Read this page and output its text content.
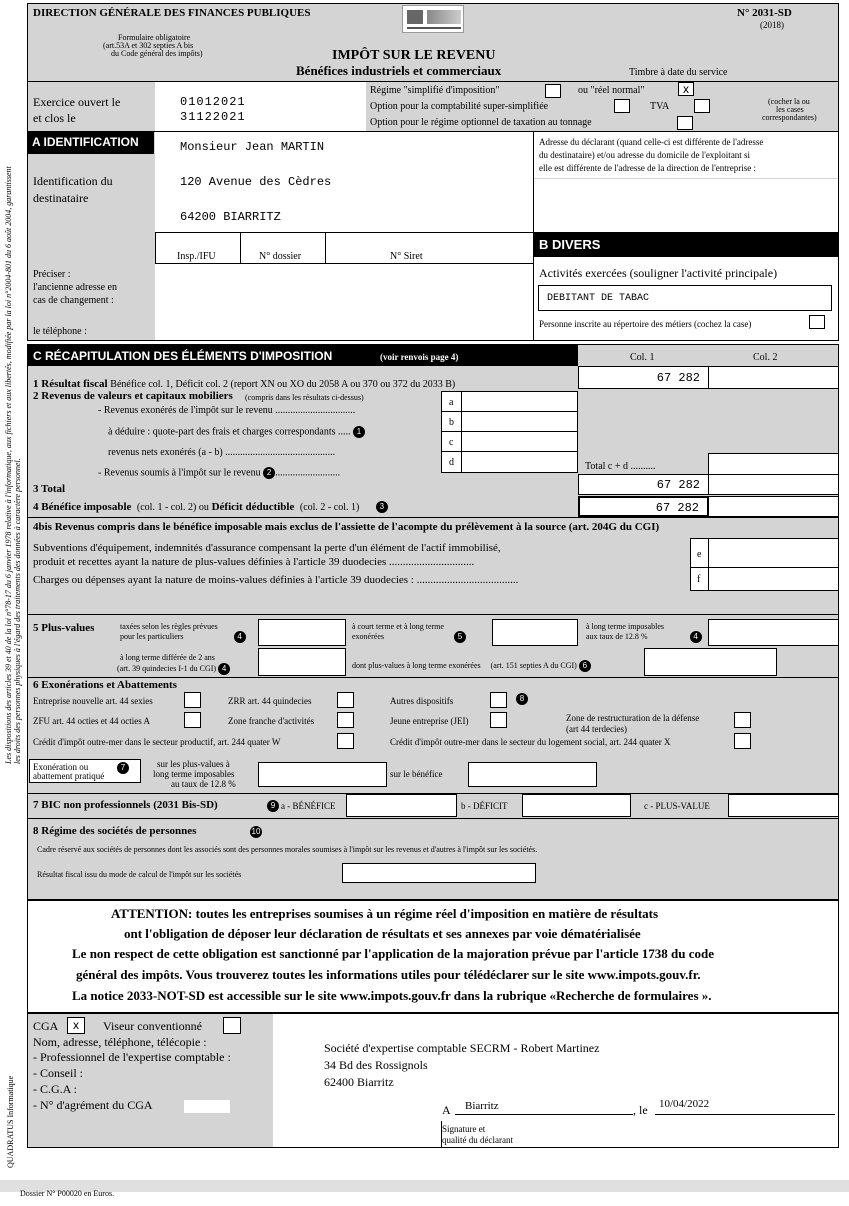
DIRECTION GÉNÉRALE DES FINANCES PUBLIQUES	N° 2031-SD
(2018)
Formulaire obligatoire
(art.53A et 302 septies A bis
du Code général des impôts)	IMPÔT SUR LE REVENU
Bénéfices industriels et commerciaux	Timbre à date du service
Exercice ouvert le
et clos le
01012021
31122021
Régime "simplifié d'imposition"	ou "réel normal"	x
Option pour la comptabilité super-simplifiée	TVA
Option pour le régime optionnel de taxation au tonnage
(cocher la ou
les cases
correspondantes)
A IDENTIFICATION	Monsieur Jean MARTIN
120 Avenue des Cèdres
64200 BIARRITZ
Identification du
destinataire
Insp./IFU	N° dossier	N° Siret
Préciser :
l'ancienne adresse en
cas de changement :
le téléphone :
Adresse du déclarant (quand celle-ci est différente de l'adresse
du destinataire) et/ou adresse du domicile de l'exploitant si
elle est différente de l'adresse de la direction de l'entreprise :
B DIVERS
Activités exercées (souligner l'activité principale)
DEBITANT DE TABAC
Personne inscrite au répertoire des métiers (cochez la case)
C RÉCAPITULATION DES ÉLÉMENTS D'IMPOSITION	(voir renvois page 4)	Col. 1	Col. 2
1 Résultat fiscal Bénéfice col. 1, Déficit col. 2 (report XN ou XO du 2058 A ou 370 ou 372 du 2033 B)	67 282
2 Revenus de valeurs et capitaux mobiliers (compris dans les résultats ci-dessus)
- Revenus exonérés de l'impôt sur le revenu ................................
à déduire : quote-part des frais et charges correspondants ..... 1
revenus nets exonérés (a - b) ............................................
- Revenus soumis à l'impôt sur le revenu 2 ..........................
a
b
c
d	Total c + d ..........
3 Total	67 282
4 Bénéfice imposable (col. 1 - col. 2) ou Déficit déductible (col. 2 - col. 1)	3	67 282
4bis Revenus compris dans le bénéfice imposable mais exclus de l'assiette de l'acompte du prélèvement à la source (art. 204G du CGI)
Subventions d'équipement, indemnités d'assurance compensant la perte d'un élément de l'actif immobilisé,
produit et recettes ayant la nature de plus-values définies à l'article 39 duodecies ...............................
Charges ou dépenses ayant la nature de moins-values définies à l'article 39 duodecies : .....................................
e
f
5 Plus-values	taxées selon les règles prévues
pour les particuliers	4
à court terme et à long terme
exonérées	5
à long terme imposables
aux taux de 12.8 %	4
à long terme différée de 2 ans
(art. 39 quindecies I-1 du CGI) 4	dont plus-values à long terme exonérées (art. 151 septies A du CGI) 6
6 Exonérations et Abattements
Entreprise nouvelle art. 44 sexies	ZRR art. 44 quindecies	Autres dispositifs	8
ZFU art. 44 octies et 44 octies A	Zone franche d'activités	Jeune entreprise (JEI)	Zone de restructuration de la défense
(art 44 terdecies)
Crédit d'impôt outre-mer dans le secteur productif, art. 244 quater W	Crédit d'impôt outre-mer dans le secteur du logement social, art. 244 quater X
Exonération ou
abattement pratiqué
7	sur les plus-values à
long terme imposables
au taux de 12.8 %
sur le bénéfice
7 BIC non professionnels (2031 Bis-SD)	9 a - BÉNÉFICE	b - DÉFICIT	c - PLUS-VALUE
8 Régime des sociétés de personnes	10
Cadre réservé aux sociétés de personnes dont les associés sont des personnes morales soumises à l'impôt sur les revenus et d'autres à l'impôt sur les sociétés.
Résultat fiscal issu du mode de calcul de l'impôt sur les sociétés
ATTENTION: toutes les entreprises soumises à un régime réel d'imposition en matière de résultats
ont l'obligation de déposer leur déclaration de résultats et ses annexes par voie dématérialisée
Le non respect de cette obligation est sanctionné par l'application de la majoration prévue par l'article 1738 du code
général des impôts. Vous trouverez toutes les informations utiles pour télédéclarer sur le site www.impots.gouv.fr.
La notice 2033-NOT-SD est accessible sur le site www.impots.gouv.fr dans la rubrique «Recherche de formulaires ».
CGA	x	Viseur conventionné
Nom, adresse, téléphone, télécopie :
- Professionnel de l'expertise comptable :
- Conseil :
- C.G.A :
- N° d'agrément du CGA
Société d'expertise comptable SECRM - Robert Martinez
34 Bd des Rossignols
62400 Biarritz
A Biarritz	, le 10/04/2022
Signature et
qualité du déclarant
Dossier N° P00020 en Euros.
Les dispositions des articles 39 et 40 de la loi n°78-17 du 6 janvier 1978 relative à l'informatique, aux fichiers et aux libertés, modifiée par la loi n°2004-801 du 6 août 2004, garantissent les droits des personnes physiques à l'égard des traitements des données à caractère personnel.
QUADRATUS Informatique
